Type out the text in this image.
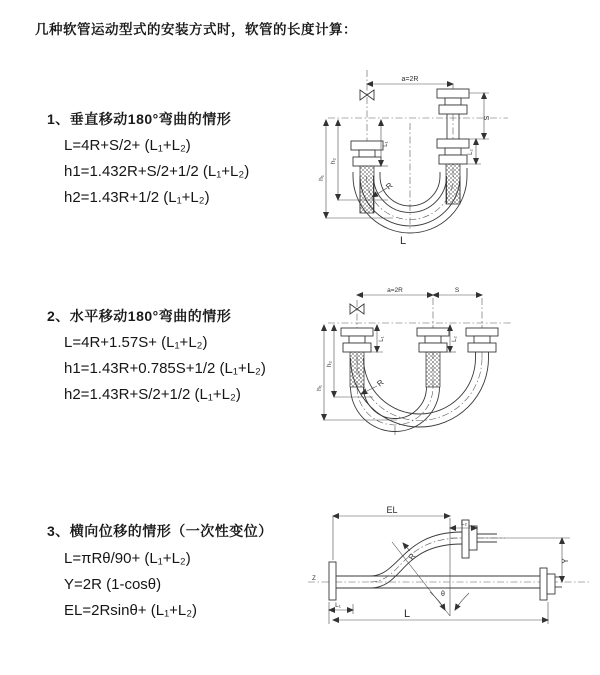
几种软管运动型式的安装方式时，软管的长度计算：
1、垂直移动180°弯曲的情形
L=4R+S/2+ (L₁+L₂)
h1=1.432R+S/2+1/2 (L₁+L₂)
h2=1.43R+1/2 (L₁+L₂)
2、水平移动180°弯曲的情形
L=4R+1.57S+ (L₁+L₂)
h1=1.43R+0.785S+1/2 (L₁+L₂)
h2=1.43R+S/2+1/2 (L₁+L₂)
3、横向位移的情形（一次性变位）
L=πRθ/90+ (L₁+L₂)
Y=2R (1-cosθ)
EL=2Rsinθ+ (L₁+L₂)
a=2R
S
L₂
L₁
h₂
h₁
R
L
a=2R	S
L₁	L₂
h₂
h₁	R
Z
θ
EL
L₂
Y
R
L₁
L
